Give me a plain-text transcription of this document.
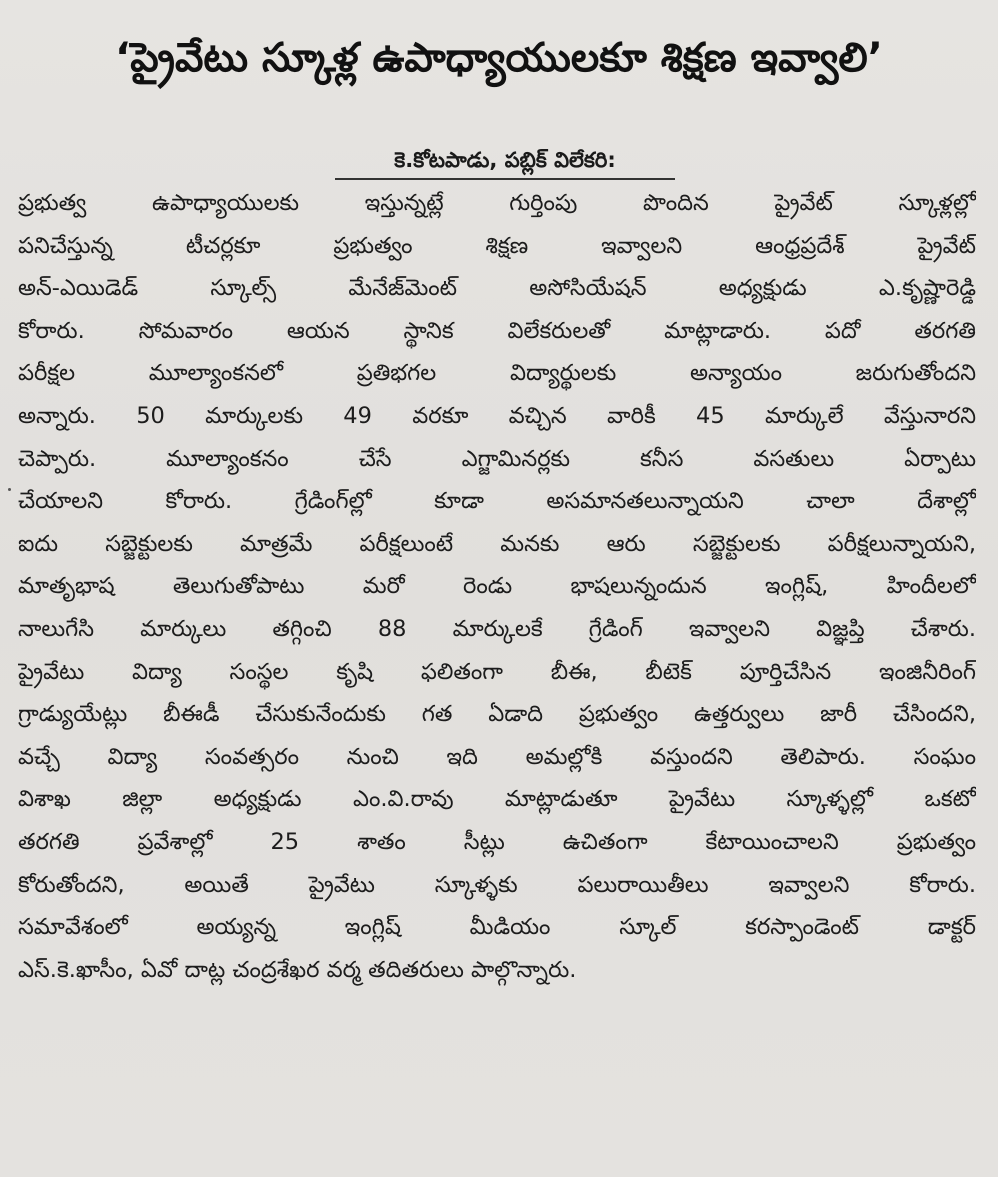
‘ప్రైవేటు స్కూళ్ల ఉపాధ్యాయులకూ శిక్షణ ఇవ్వాలి’
కె.కోటపాడు, పబ్లిక్ విలేకరి:
ప్రభుత్వ ఉపాధ్యాయులకు ఇస్తున్నట్లే గుర్తింపు పొందిన ప్రైవేట్ స్కూళ్లల్లో
పనిచేస్తున్న టీచర్లకూ ప్రభుత్వం శిక్షణ ఇవ్వాలని ఆంధ్రప్రదేశ్ ప్రైవేట్
అన్-ఎయిడెడ్ స్కూల్స్ మేనేజ్‌మెంట్ అసోసియేషన్ అధ్యక్షుడు ఎ.కృష్ణారెడ్డి
కోరారు. సోమవారం ఆయన స్థానిక విలేకరులతో మాట్లాడారు. పదో తరగతి
పరీక్షల మూల్యాంకనలో ప్రతిభగల విద్యార్థులకు అన్యాయం జరుగుతోందని
అన్నారు. 50 మార్కులకు 49 వరకూ వచ్చిన వారికీ 45 మార్కులే వేస్తునారని
చెప్పారు. మూల్యాంకనం చేసే ఎగ్జామినర్లకు కనీస వసతులు ఏర్పాటు
చేయాలని కోరారు. గ్రేడింగ్‌ల్లో కూడా అసమానతలున్నాయని చాలా దేశాల్లో
ఐదు సబ్జెక్టులకు మాత్రమే పరీక్షలుంటే మనకు ఆరు సబ్జెక్టులకు పరీక్షలున్నాయని,
మాతృభాష తెలుగుతోపాటు మరో రెండు భాషలున్నందున ఇంగ్లిష్, హిందీలలో
నాలుగేసి మార్కులు తగ్గించి 88 మార్కులకే గ్రేడింగ్ ఇవ్వాలని విజ్ఞప్తి చేశారు.
ప్రైవేటు విద్యా సంస్థల కృషి ఫలితంగా బీఈ, బీటెక్ పూర్తిచేసిన ఇంజినీరింగ్
గ్రాడ్యుయేట్లు బీఈడీ చేసుకునేందుకు గత ఏడాది ప్రభుత్వం ఉత్తర్వులు జారీ చేసిందని,
వచ్చే విద్యా సంవత్సరం నుంచి ఇది అమల్లోకి వస్తుందని తెలిపారు. సంఘం
విశాఖ జిల్లా అధ్యక్షుడు ఎం.వి.రావు మాట్లాడుతూ ప్రైవేటు స్కూళ్ళల్లో ఒకటో
తరగతి ప్రవేశాల్లో 25 శాతం సీట్లు ఉచితంగా కేటాయించాలని ప్రభుత్వం
కోరుతోందని, అయితే ప్రైవేటు స్కూళ్ళకు పలురాయితీలు ఇవ్వాలని కోరారు.
సమావేశంలో అయ్యన్న ఇంగ్లిష్ మీడియం స్కూల్ కరస్పాండెంట్ డాక్టర్
ఎస్.కె.ఖాసీం, ఏవో దాట్ల చంద్రశేఖర వర్మ తదితరులు పాల్గొన్నారు.
